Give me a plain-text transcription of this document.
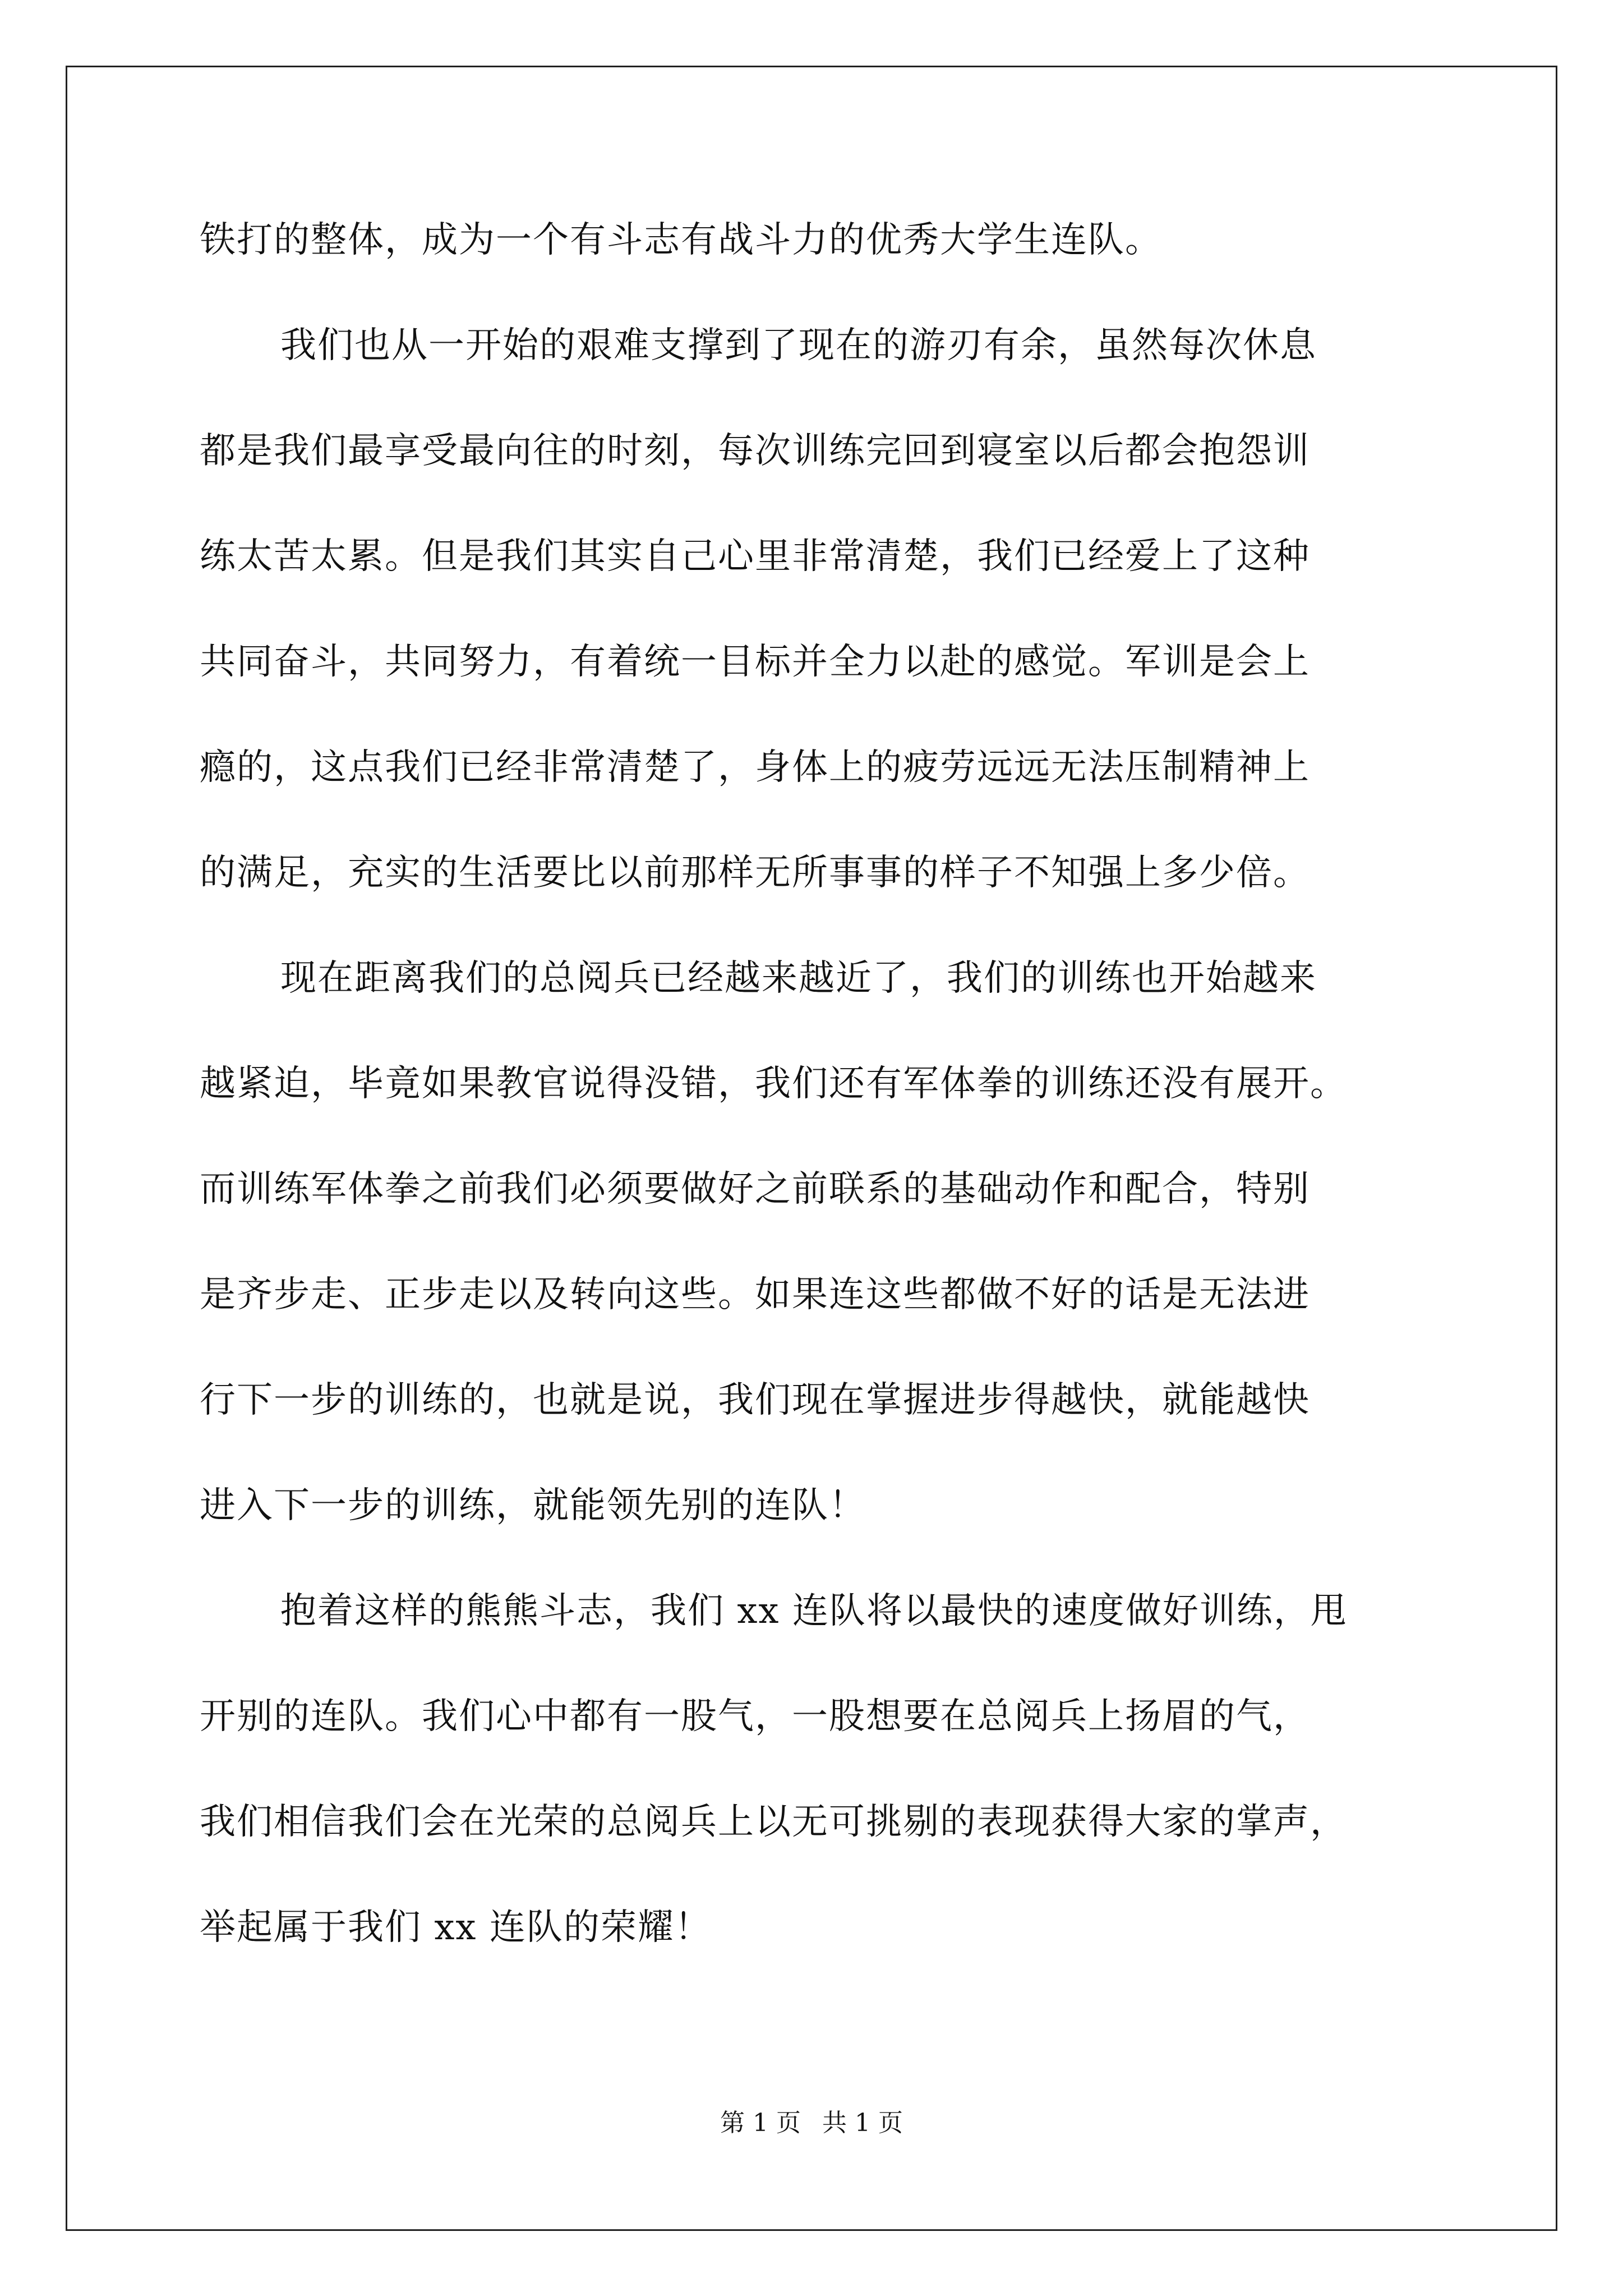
铁打的整体，成为一个有斗志有战斗力的优秀大学生连队。
我们也从一开始的艰难支撑到了现在的游刃有余，虽然每次休息
都是我们最享受最向往的时刻，每次训练完回到寝室以后都会抱怨训
练太苦太累。但是我们其实自己心里非常清楚，我们已经爱上了这种
共同奋斗，共同努力，有着统一目标并全力以赴的感觉。军训是会上
瘾的，这点我们已经非常清楚了，身体上的疲劳远远无法压制精神上
的满足，充实的生活要比以前那样无所事事的样子不知强上多少倍。
现在距离我们的总阅兵已经越来越近了，我们的训练也开始越来
越紧迫，毕竟如果教官说得没错，我们还有军体拳的训练还没有展开。
而训练军体拳之前我们必须要做好之前联系的基础动作和配合，特别
是齐步走、正步走以及转向这些。如果连这些都做不好的话是无法进
行下一步的训练的，也就是说，我们现在掌握进步得越快，就能越快
进入下一步的训练，就能领先别的连队！
抱着这样的熊熊斗志，我们 xx 连队将以最快的速度做好训练，甩
开别的连队。我们心中都有一股气，一股想要在总阅兵上扬眉的气，
我们相信我们会在光荣的总阅兵上以无可挑剔的表现获得大家的掌声，
举起属于我们 xx 连队的荣耀！
第 1 页 共 1 页
